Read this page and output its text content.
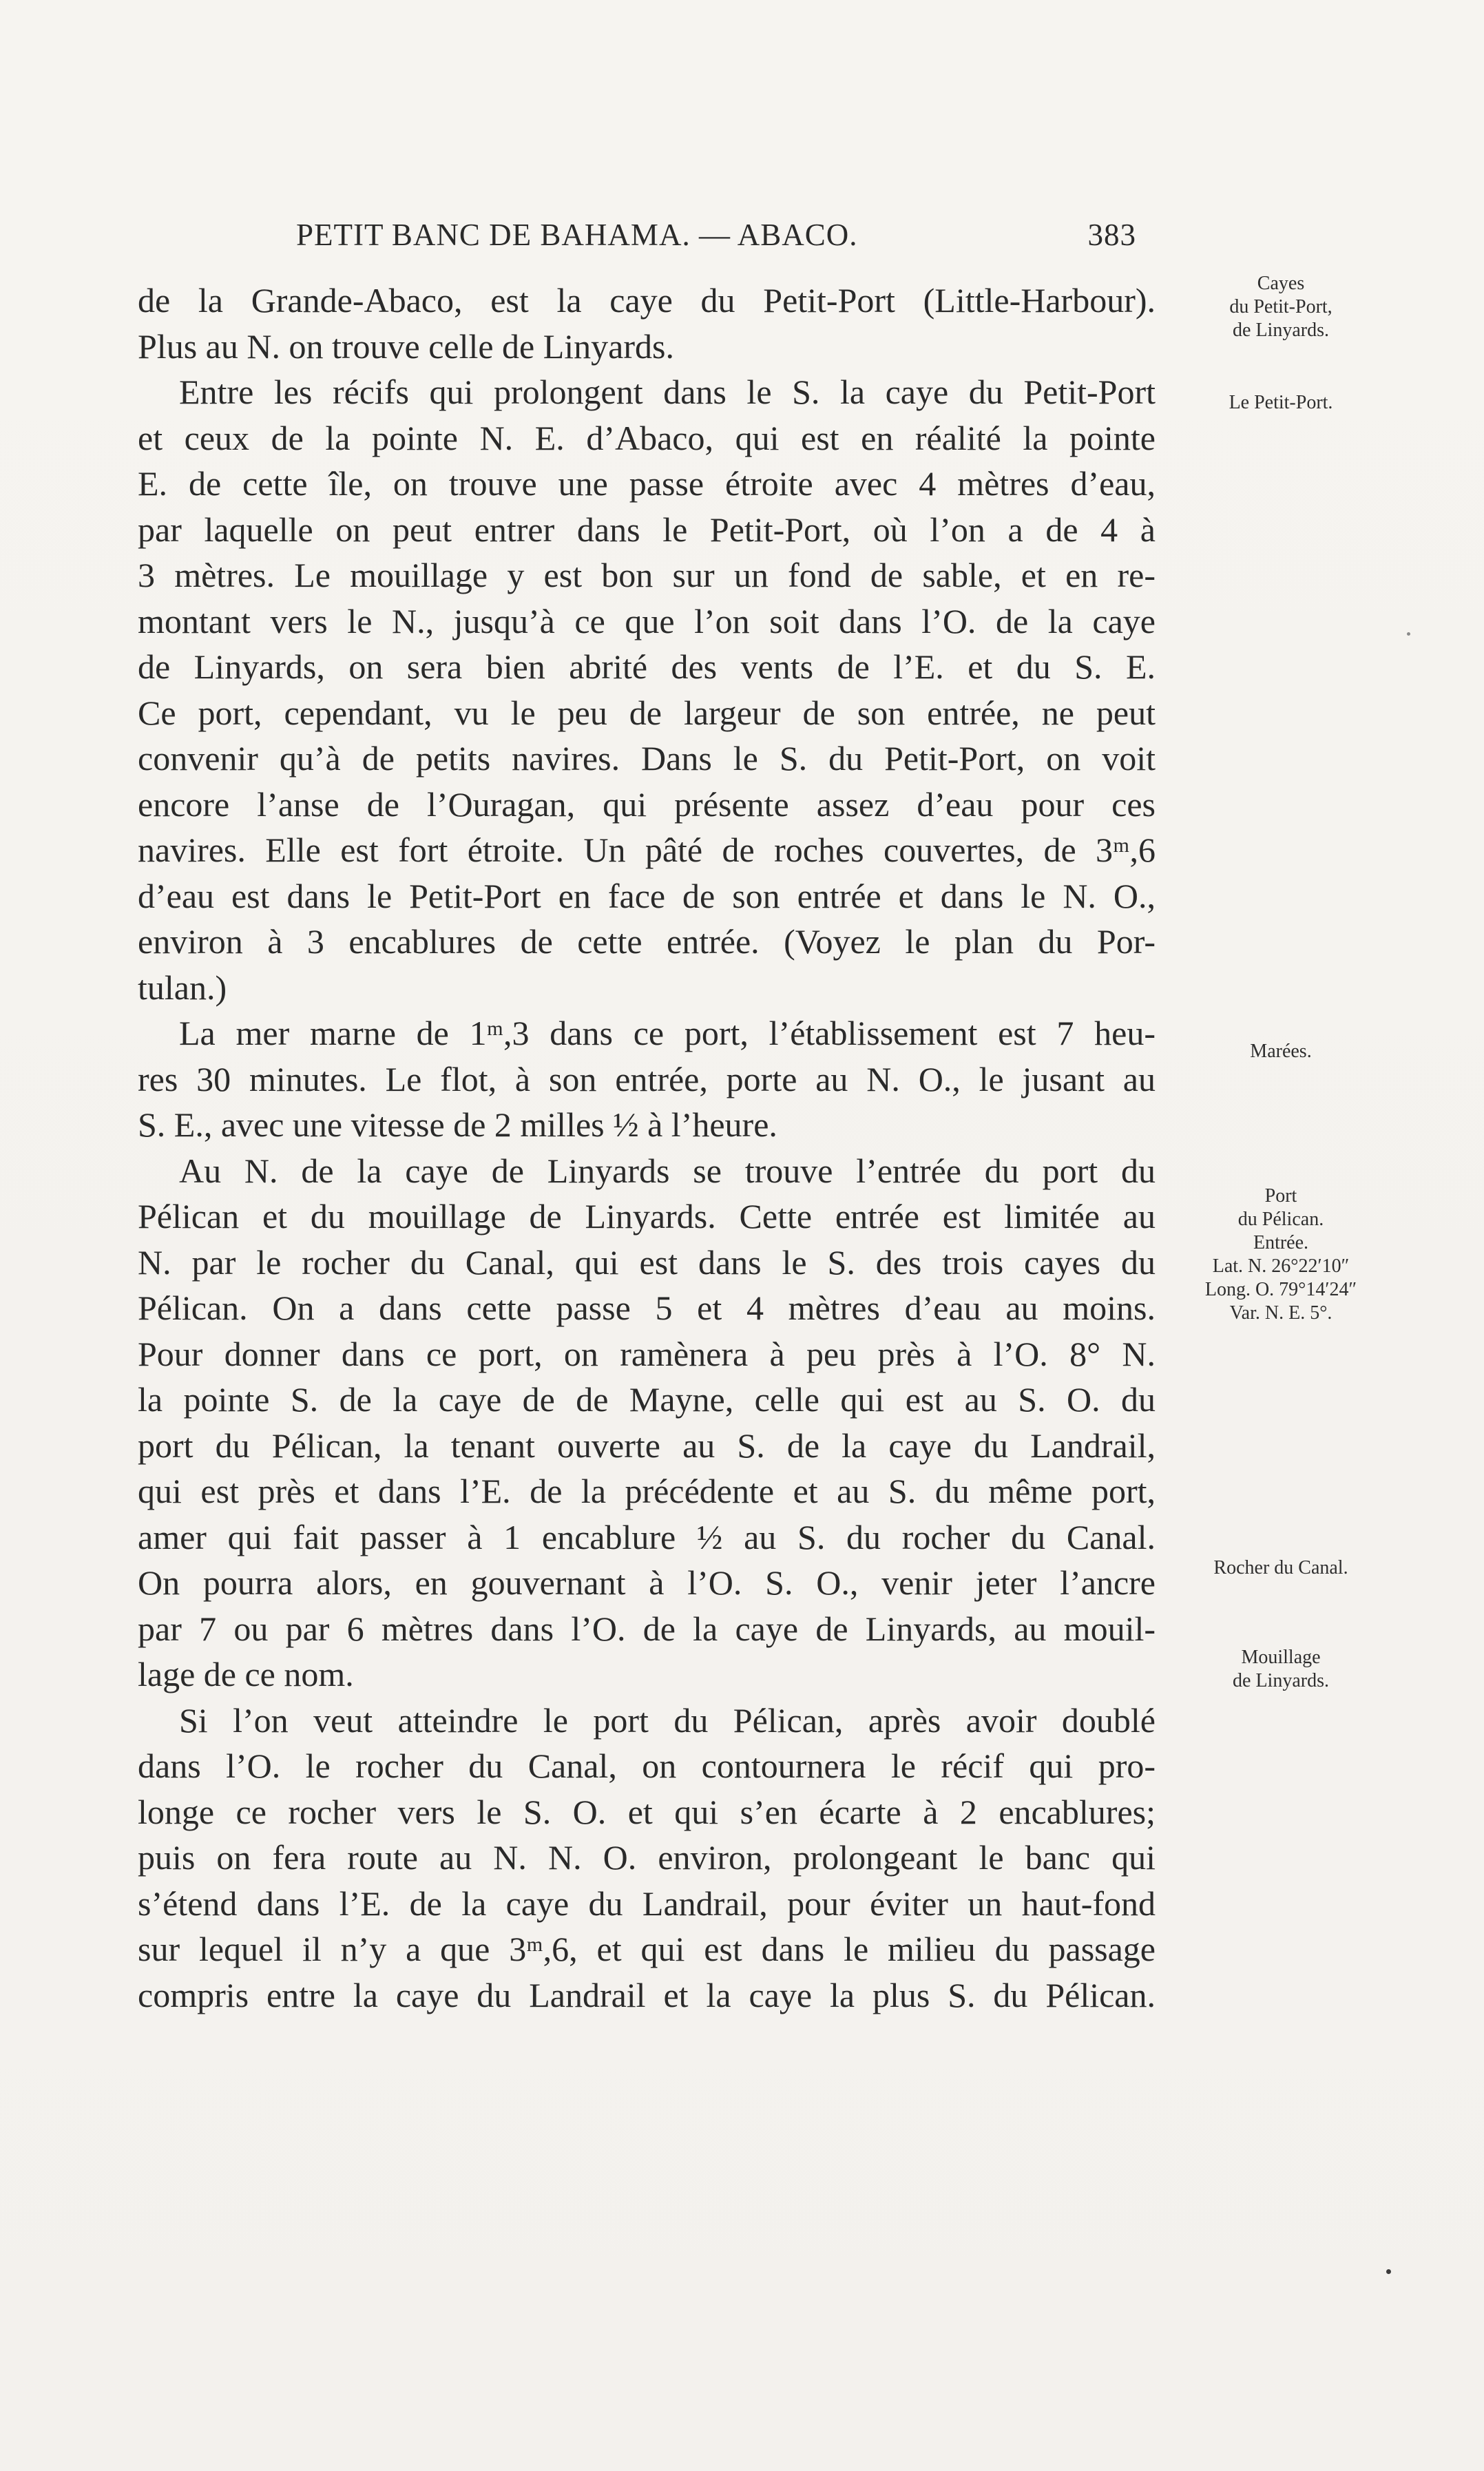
PETIT BANC DE BAHAMA. — ABACO.	383
de la Grande-Abaco, est la caye du Petit-Port (Little-Harbour).
Plus au N. on trouve celle de Linyards.
Entre les récifs qui prolongent dans le S. la caye du Petit-Port
et ceux de la pointe N. E. d’Abaco, qui est en réalité la pointe
E. de cette île, on trouve une passe étroite avec 4 mètres d’eau,
par laquelle on peut entrer dans le Petit-Port, où l’on a de 4 à
3 mètres. Le mouillage y est bon sur un fond de sable, et en re-
montant vers le N., jusqu’à ce que l’on soit dans l’O. de la caye
de Linyards, on sera bien abrité des vents de l’E. et du S. E.
Ce port, cependant, vu le peu de largeur de son entrée, ne peut
convenir qu’à de petits navires. Dans le S. du Petit-Port, on voit
encore l’anse de l’Ouragan, qui présente assez d’eau pour ces
navires. Elle est fort étroite. Un pâté de roches couvertes, de 3ᵐ,6
d’eau est dans le Petit-Port en face de son entrée et dans le N. O.,
environ à 3 encablures de cette entrée. (Voyez le plan du Por-
tulan.)
La mer marne de 1ᵐ,3 dans ce port, l’établissement est 7 heu-
res 30 minutes. Le flot, à son entrée, porte au N. O., le jusant au
S. E., avec une vitesse de 2 milles ½ à l’heure.
Au N. de la caye de Linyards se trouve l’entrée du port du
Pélican et du mouillage de Linyards. Cette entrée est limitée au
N. par le rocher du Canal, qui est dans le S. des trois cayes du
Pélican. On a dans cette passe 5 et 4 mètres d’eau au moins.
Pour donner dans ce port, on ramènera à peu près à l’O. 8° N.
la pointe S. de la caye de de Mayne, celle qui est au S. O. du
port du Pélican, la tenant ouverte au S. de la caye du Landrail,
qui est près et dans l’E. de la précédente et au S. du même port,
amer qui fait passer à 1 encablure ½ au S. du rocher du Canal.
On pourra alors, en gouvernant à l’O. S. O., venir jeter l’ancre
par 7 ou par 6 mètres dans l’O. de la caye de Linyards, au mouil-
lage de ce nom.
Si l’on veut atteindre le port du Pélican, après avoir doublé
dans l’O. le rocher du Canal, on contournera le récif qui pro-
longe ce rocher vers le S. O. et qui s’en écarte à 2 encablures;
puis on fera route au N. N. O. environ, prolongeant le banc qui
s’étend dans l’E. de la caye du Landrail, pour éviter un haut-fond
sur lequel il n’y a que 3ᵐ,6, et qui est dans le milieu du passage
compris entre la caye du Landrail et la caye la plus S. du Pélican.
Cayes
du Petit-Port,
de Linyards.
Le Petit-Port.
Marées.
Port
du Pélican.
Entrée.
Lat. N. 26°22′10″
Long. O. 79°14′24″
Var. N. E. 5°.
Rocher du Canal.
Mouillage
de Linyards.
